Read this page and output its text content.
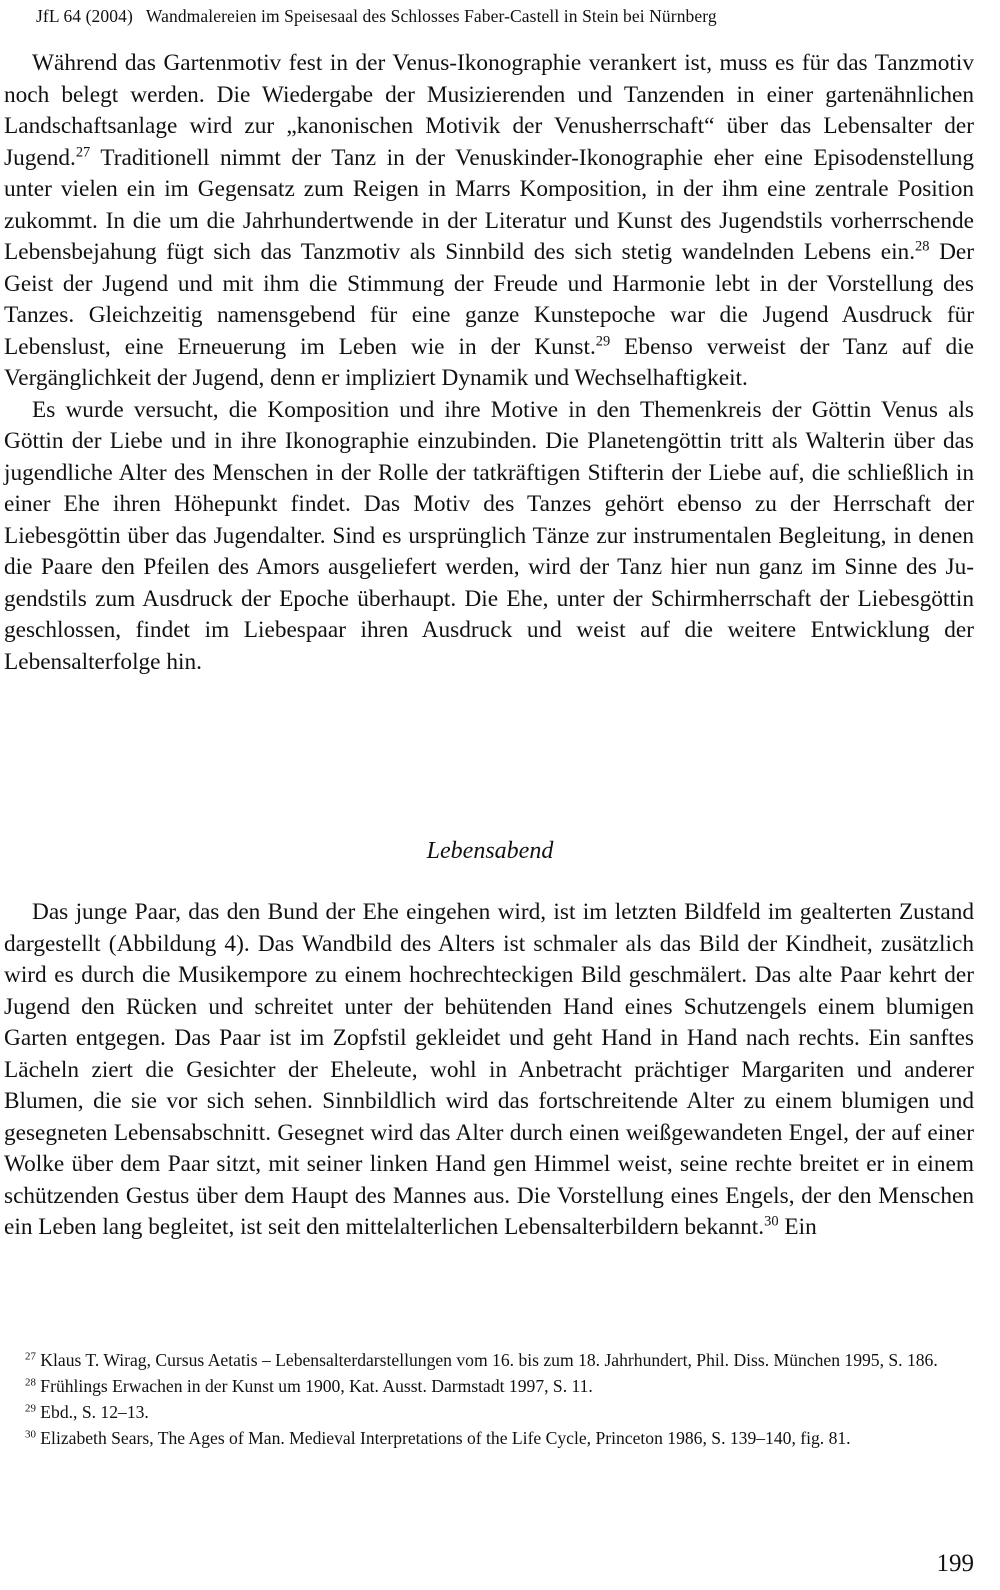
JfL 64 (2004)  Wandmalereien im Speisesaal des Schlosses Faber-Castell in Stein bei Nürnberg

Während das Gartenmotiv fest in der Venus-Ikonographie verankert ist, muss es für das Tanzmotiv noch belegt werden. Die Wiedergabe der Musizierenden und Tanzenden in einer gartenähnlichen Landschaftsanlage wird zur „kanonischen Motivik der Venusherrschaft“ über das Lebensalter der Jugend.$^{27}$ Traditionell nimmt der Tanz in der Venuskinder-Ikonographie eher eine Episodenstellung unter vielen ein im Gegensatz zum Reigen in Marrs Komposition, in der ihm eine zentrale Position zukommt. In die um die Jahrhundertwende in der Literatur und Kunst des Jugendstils vorherrschende Lebensbejahung fügt sich das Tanzmotiv als Sinnbild des sich stetig wandelnden Lebens ein.$^{28}$ Der Geist der Jugend und mit ihm die Stimmung der Freude und Harmonie lebt in der Vorstellung des Tanzes. Gleichzeitig namensgebend für eine ganze Kunstepoche war die Jugend Ausdruck für Lebenslust, eine Erneuerung im Leben wie in der Kunst.$^{29}$ Ebenso verweist der Tanz auf die Vergänglichkeit der Jugend, denn er impliziert Dynamik und Wechselhaftigkeit.

Es wurde versucht, die Komposition und ihre Motive in den Themenkreis der Göttin Venus als Göttin der Liebe und in ihre Ikonographie einzubinden. Die Planetengöttin tritt als Walterin über das jugendliche Alter des Menschen in der Rolle der tatkräftigen Stifterin der Liebe auf, die schließlich in einer Ehe ihren Höhepunkt findet. Das Motiv des Tanzes gehört ebenso zu der Herrschaft der Liebesgöttin über das Jugendalter. Sind es ursprünglich Tänze zur instrumentalen Begleitung, in denen die Paare den Pfeilen des Amors ausgeliefert werden, wird der Tanz hier nun ganz im Sinne des Jugendstils zum Ausdruck der Epoche überhaupt. Die Ehe, unter der Schirmherrschaft der Liebesgöttin geschlossen, findet im Liebespaar ihren Ausdruck und weist auf die weitere Entwicklung der Lebensalterfolge hin.

Lebensabend

Das junge Paar, das den Bund der Ehe eingehen wird, ist im letzten Bildfeld im gealterten Zustand dargestellt (Abbildung 4). Das Wandbild des Alters ist schmaler als das Bild der Kindheit, zusätzlich wird es durch die Musikempore zu einem hochrechteckigen Bild geschmälert. Das alte Paar kehrt der Jugend den Rücken und schreitet unter der behütenden Hand eines Schutzengels einem blumigen Garten entgegen. Das Paar ist im Zopfstil gekleidet und geht Hand in Hand nach rechts. Ein sanftes Lächeln ziert die Gesichter der Eheleute, wohl in Anbetracht prächtiger Margariten und anderer Blumen, die sie vor sich sehen. Sinnbildlich wird das fortschreitende Alter zu einem blumigen und gesegneten Lebensabschnitt. Gesegnet wird das Alter durch einen weißgewandeten Engel, der auf einer Wolke über dem Paar sitzt, mit seiner linken Hand gen Himmel weist, seine rechte breitet er in einem schützenden Gestus über dem Haupt des Mannes aus. Die Vorstellung eines Engels, der den Menschen ein Leben lang begleitet, ist seit den mittelalterlichen Lebensalterbildern bekannt.$^{30}$ Ein

$^{27}$ Klaus T. Wirag, Cursus Aetatis – Lebensalterdarstellungen vom 16. bis zum 18. Jahrhundert, Phil. Diss. München 1995, S. 186.

$^{28}$ Frühlings Erwachen in der Kunst um 1900, Kat. Ausst. Darmstadt 1997, S. 11.

$^{29}$ Ebd., S. 12–13.

$^{30}$ Elizabeth Sears, The Ages of Man. Medieval Interpretations of the Life Cycle, Princeton 1986, S. 139–140, fig. 81.

199
